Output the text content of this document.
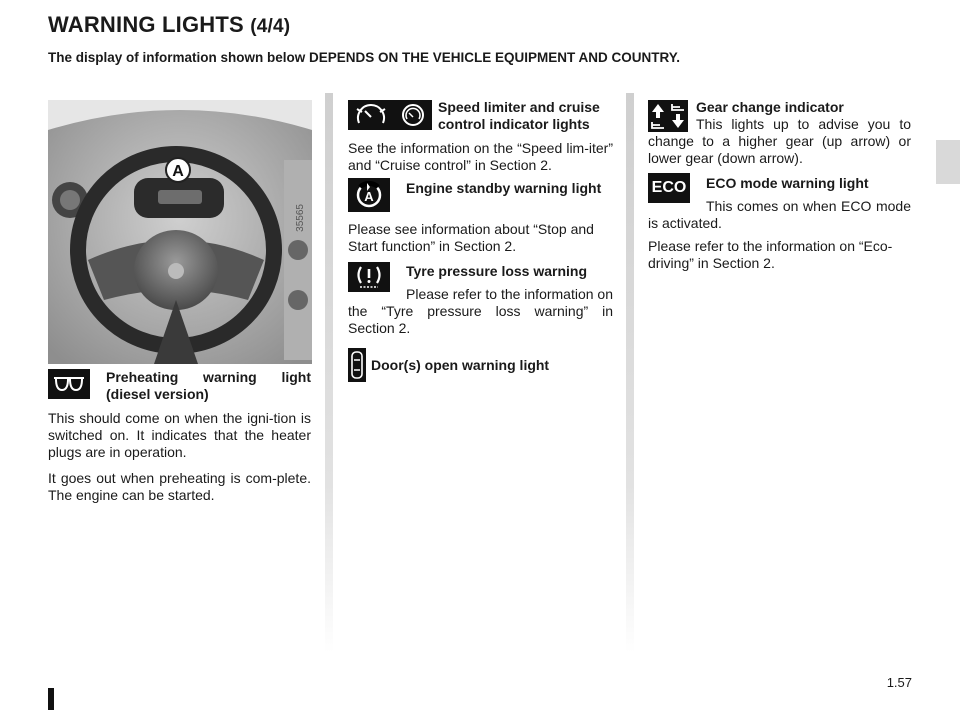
WARNING LIGHTS (4/4)
The display of information shown below DEPENDS ON THE VEHICLE EQUIPMENT AND COUNTRY.
A
35565
Preheating warning light (diesel version)
This should come on when the igni-tion is switched on. It indicates that the heater plugs are in operation.
It goes out when preheating is com-plete. The engine can be started.
Speed limiter and cruise control indicator lights
See the information on the “Speed lim-iter” and “Cruise control” in Section 2.
A
Engine standby warning light
Please see information about “Stop and Start function” in Section 2.
Tyre pressure loss warning
Please refer to the information on the “Tyre pressure loss warning” in Section 2.
Door(s) open warning light
Gear change indicator
This lights up to advise you to change to a higher gear (up arrow) or lower gear (down arrow).
ECO ECO mode warning light
This comes on when ECO mode is activated.
Please refer to the information on “Eco-driving” in Section 2.
1.57
